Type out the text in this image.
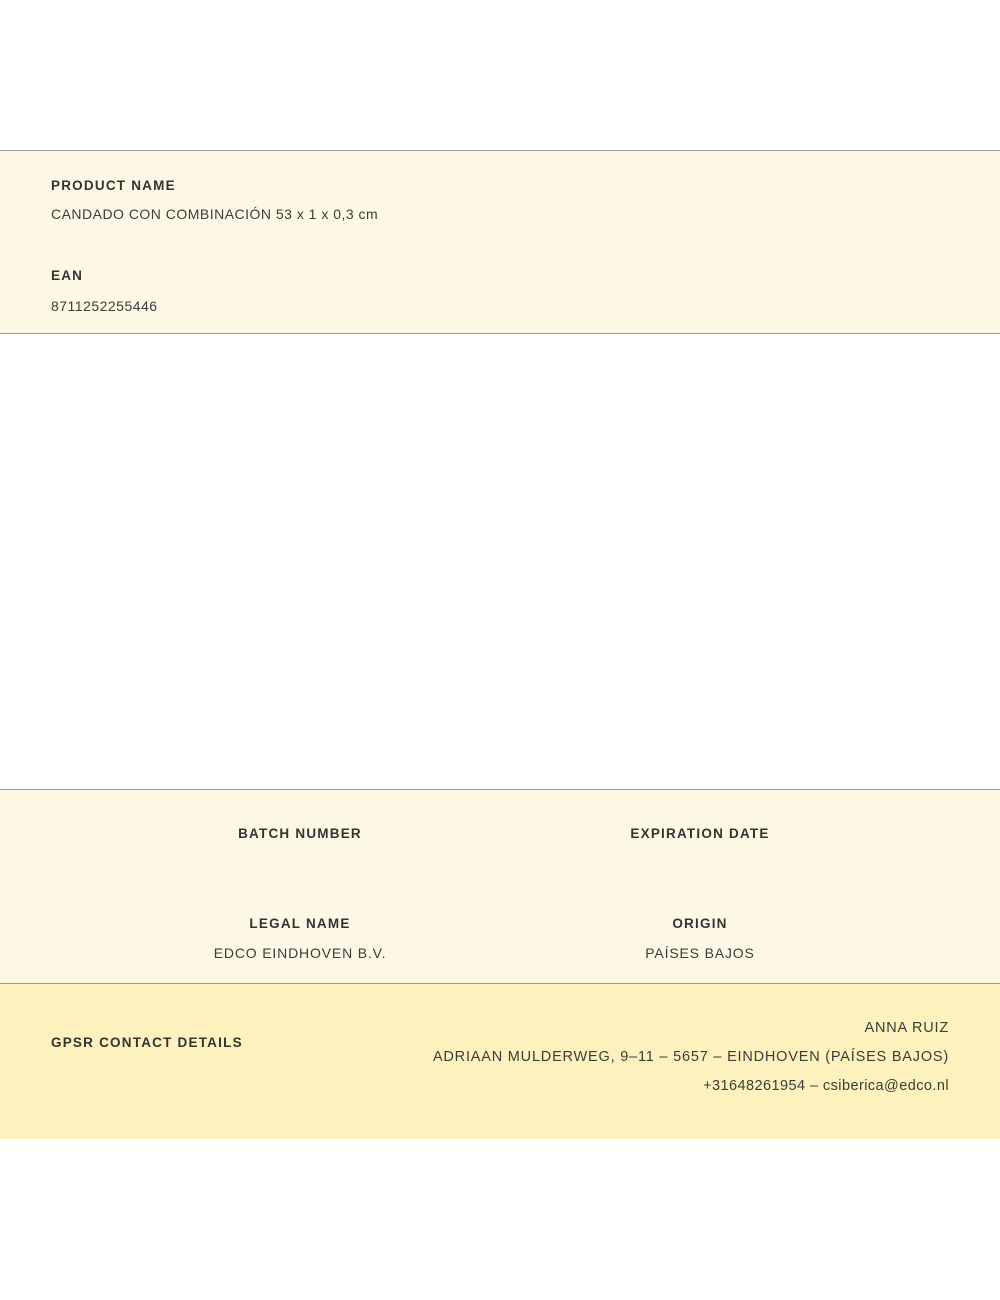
PRODUCT NAME
CANDADO CON COMBINACIÓN 53 x 1 x 0,3 cm
EAN
8711252255446
BATCH NUMBER	EXPIRATION DATE
LEGAL NAME
EDCO EINDHOVEN B.V.
ORIGIN
PAÍSES BAJOS
GPSR CONTACT DETAILS
ANNA RUIZ
ADRIAAN MULDERWEG, 9–11 – 5657 – EINDHOVEN (PAÍSES BAJOS)
+31648261954 – csiberica@edco.nl
